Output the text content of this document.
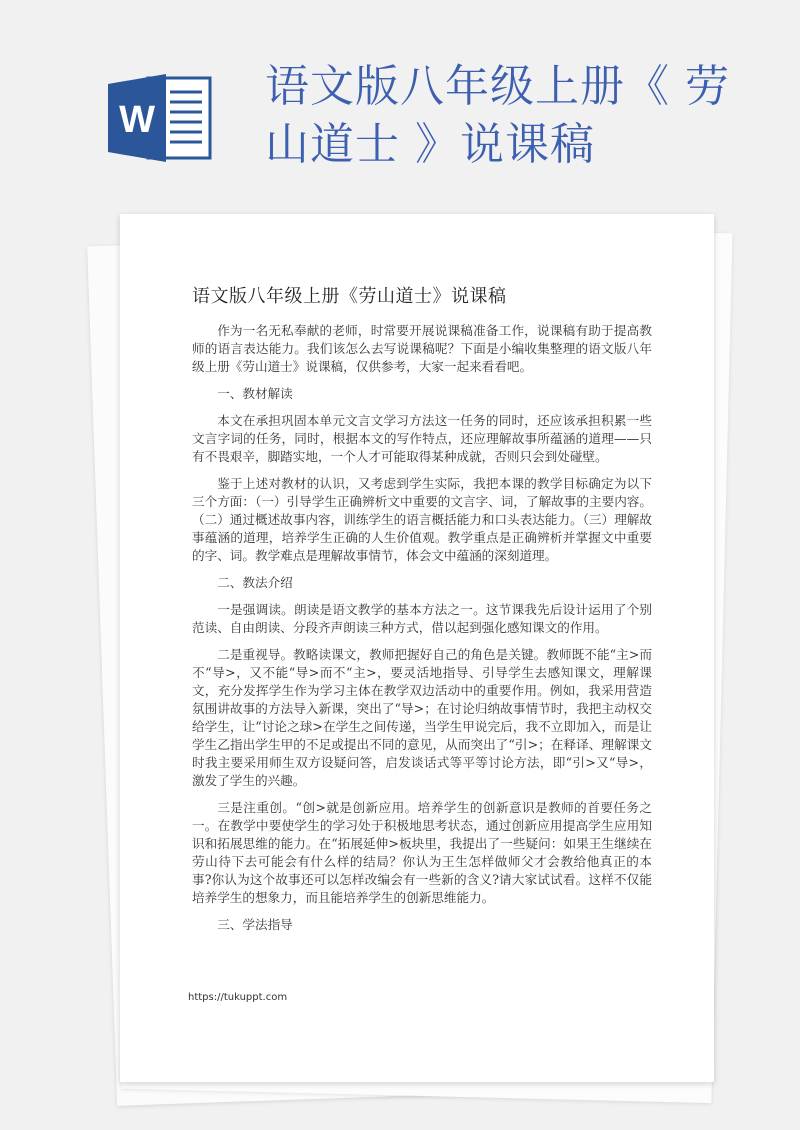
W
语文版八年级上册《 劳山道士 》说课稿
语文版八年级上册《劳山道士》说课稿

作为一名无私奉献的老师，时常要开展说课稿准备工作，说课稿有助于提高教师的语言表达能力。我们该怎么去写说课稿呢？下面是小编收集整理的语文版八年级上册《劳山道士》说课稿，仅供参考，大家一起来看看吧。

一、教材解读

本文在承担巩固本单元文言文学习方法这一任务的同时，还应该承担积累一些文言字词的任务，同时，根据本文的写作特点，还应理解故事所蕴涵的道理——只有不畏艰辛，脚踏实地，一个人才可能取得某种成就，否则只会到处碰壁。

鉴于上述对教材的认识，又考虑到学生实际，我把本课的教学目标确定为以下三个方面：（一）引导学生正确辨析文中重要的文言字、词，了解故事的主要内容。（二）通过概述故事内容，训练学生的语言概括能力和口头表达能力。（三）理解故事蕴涵的道理，培养学生正确的人生价值观。教学重点是正确辨析并掌握文中重要的字、词。教学难点是理解故事情节，体会文中蕴涵的深刻道理。

二、教法介绍

一是强调读。朗读是语文教学的基本方法之一。这节课我先后设计运用了个别范读、自由朗读、分段齐声朗读三种方式，借以起到强化感知课文的作用。

二是重视导。教略读课文，教师把握好自己的角色是关键。教师既不能“主>而不“导>，又不能“导>而不“主>，要灵活地指导、引导学生去感知课文，理解课文，充分发挥学生作为学习主体在教学双边活动中的重要作用。例如，我采用营造氛围讲故事的方法导入新课，突出了“导>；在讨论归纳故事情节时，我把主动权交给学生，让“讨论之球>在学生之间传递，当学生甲说完后，我不立即加入，而是让学生乙指出学生甲的不足或提出不同的意见，从而突出了“引>；在释译、理解课文时我主要采用师生双方设疑问答，启发谈话式等平等讨论方法，即“引>又“导>，激发了学生的兴趣。

三是注重创。“创>就是创新应用。培养学生的创新意识是教师的首要任务之一。在教学中要使学生的学习处于积极地思考状态，通过创新应用提高学生应用知识和拓展思维的能力。在“拓展延伸>板块里，我提出了一些疑问：如果王生继续在劳山待下去可能会有什么样的结局？你认为王生怎样做师父才会教给他真正的本事?你认为这个故事还可以怎样改编会有一些新的含义?请大家试试看。这样不仅能培养学生的想象力，而且能培养学生的创新思维能力。

三、学法指导

https://tukuppt.com
